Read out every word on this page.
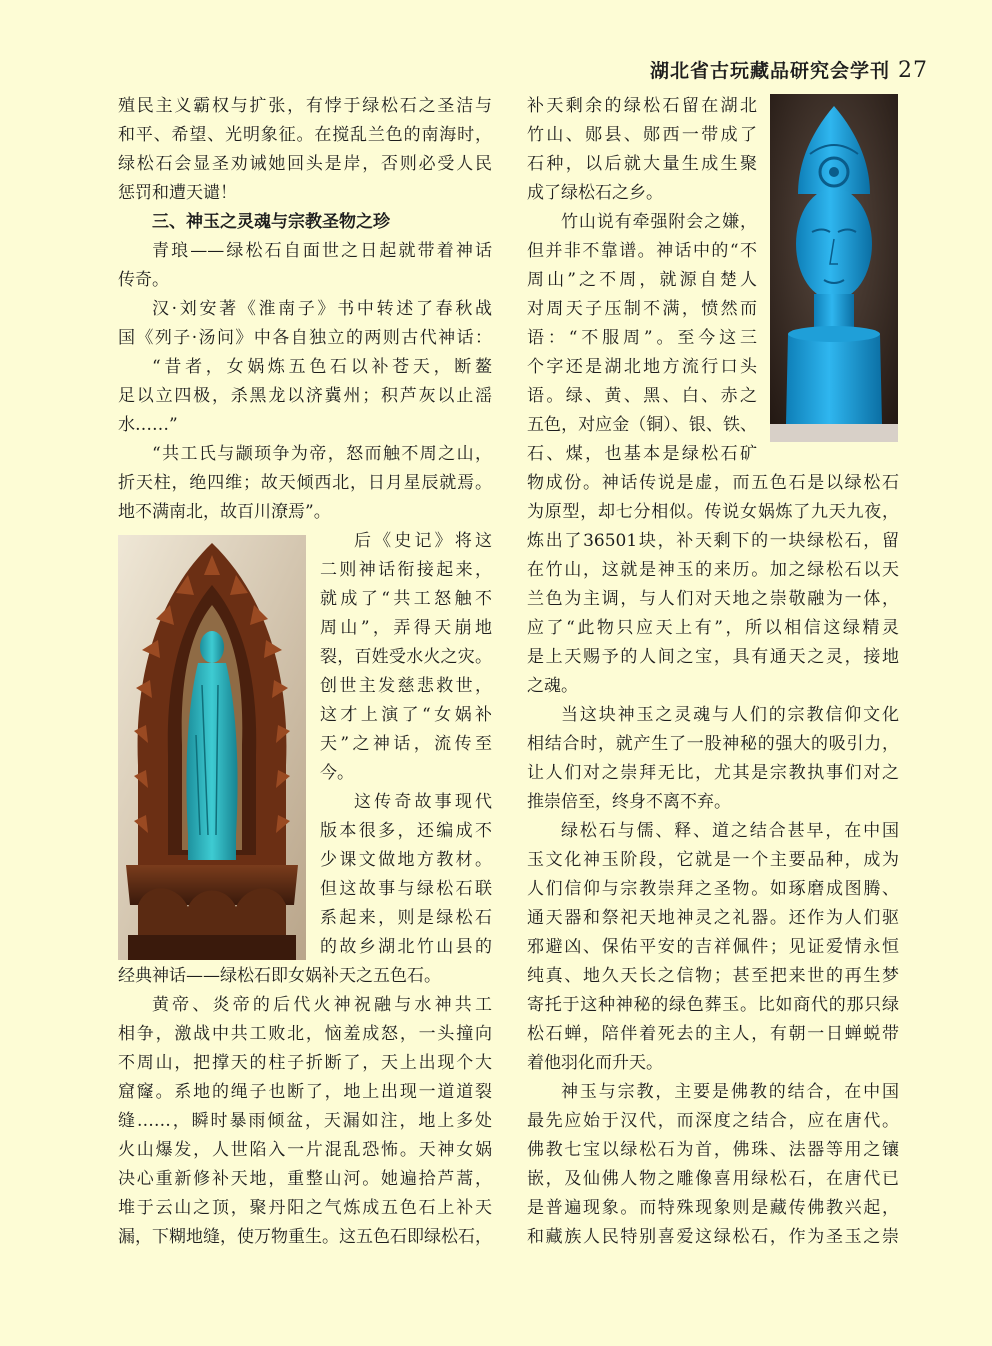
湖北省古玩藏品研究会学刊 27
殖民主义霸权与扩张，有悖于绿松石之圣洁与
和平、希望、光明象征。在搅乱兰色的南海时，
绿松石会显圣劝诫她回头是岸，否则必受人民
惩罚和遭天谴！
三、神玉之灵魂与宗教圣物之珍
青琅——绿松石自面世之日起就带着神话
传奇。
汉·刘安著《淮南子》书中转述了春秋战
国《列子·汤问》中各自独立的两则古代神话：
“昔者，女娲炼五色石以补苍天，断鳌
足以立四极，杀黑龙以济冀州；积芦灰以止滛
水……”
“共工氏与颛顼争为帝，怒而触不周之山，
折天柱，绝四维；故天倾西北，日月星辰就焉。
地不满南北，故百川潦焉”。
后《史记》将这
二则神话衔接起来，
就成了“共工怒触不
周山”，弄得天崩地
裂，百姓受水火之灾。
创世主发慈悲救世，
这才上演了“女娲补
天”之神话，流传至
今。
这传奇故事现代
版本很多，还编成不
少课文做地方教材。
但这故事与绿松石联
系起来，则是绿松石
的故乡湖北竹山县的
经典神话——绿松石即女娲补天之五色石。
黄帝、炎帝的后代火神祝融与水神共工
相争，激战中共工败北，恼羞成怒，一头撞向
不周山，把撑天的柱子折断了，天上出现个大
窟窿。系地的绳子也断了，地上出现一道道裂
缝……，瞬时暴雨倾盆，天漏如注，地上多处
火山爆发，人世陷入一片混乱恐怖。天神女娲
决心重新修补天地，重整山河。她遍拾芦蒿，
堆于云山之顶，聚丹阳之气炼成五色石上补天
漏，下糊地缝，使万物重生。这五色石即绿松石，
补天剩余的绿松石留在湖北
竹山、郧县、郧西一带成了
石种，以后就大量生成生聚
成了绿松石之乡。
竹山说有牵强附会之嫌，
但并非不靠谱。神话中的“不
周山”之不周，就源自楚人
对周天子压制不满，愤然而
语：“不服周”。至今这三
个字还是湖北地方流行口头
语。绿、黄、黑、白、赤之
五色，对应金（铜）、银、铁、
石、煤，也基本是绿松石矿
物成份。神话传说是虚，而五色石是以绿松石
为原型，却七分相似。传说女娲炼了九天九夜，
炼出了36501块，补天剩下的一块绿松石，留
在竹山，这就是神玉的来历。加之绿松石以天
兰色为主调，与人们对天地之崇敬融为一体，
应了“此物只应天上有”，所以相信这绿精灵
是上天赐予的人间之宝，具有通天之灵，接地
之魂。
当这块神玉之灵魂与人们的宗教信仰文化
相结合时，就产生了一股神秘的强大的吸引力，
让人们对之崇拜无比，尤其是宗教执事们对之
推崇倍至，终身不离不弃。
绿松石与儒、释、道之结合甚早，在中国
玉文化神玉阶段，它就是一个主要品种，成为
人们信仰与宗教崇拜之圣物。如琢磨成图腾、
通天器和祭祀天地神灵之礼器。还作为人们驱
邪避凶、保佑平安的吉祥佩件；见证爱情永恒
纯真、地久天长之信物；甚至把来世的再生梦
寄托于这种神秘的绿色葬玉。比如商代的那只绿
松石蝉，陪伴着死去的主人，有朝一日蝉蜕带
着他羽化而升天。
神玉与宗教，主要是佛教的结合，在中国
最先应始于汉代，而深度之结合，应在唐代。
佛教七宝以绿松石为首，佛珠、法器等用之镶
嵌，及仙佛人物之雕像喜用绿松石，在唐代已
是普遍现象。而特殊现象则是藏传佛教兴起，
和藏族人民特别喜爱这绿松石，作为圣玉之崇
